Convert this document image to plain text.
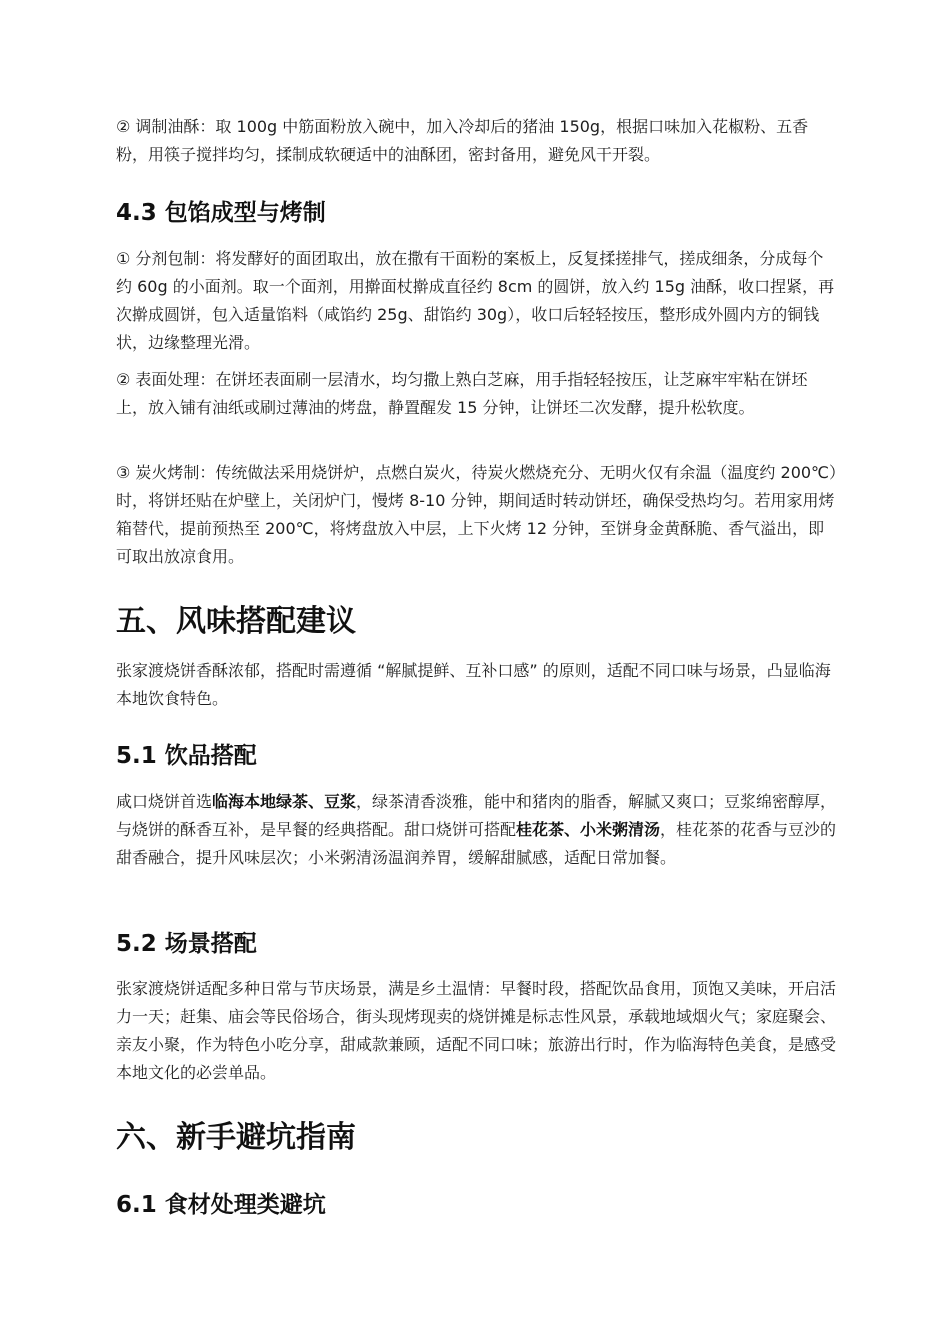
② 调制油酥：取 100g 中筋面粉放入碗中，加入冷却后的猪油 150g，根据口味加入花椒粉、五香粉，用筷子搅拌均匀，揉制成软硬适中的油酥团，密封备用，避免风干开裂。

4.3 包馅成型与烤制

① 分剂包制：将发酵好的面团取出，放在撒有干面粉的案板上，反复揉搓排气，搓成细条，分成每个约 60g 的小面剂。取一个面剂，用擀面杖擀成直径约 8cm 的圆饼，放入约 15g 油酥，收口捏紧，再次擀成圆饼，包入适量馅料（咸馅约 25g、甜馅约 30g），收口后轻轻按压，整形成外圆内方的铜钱状，边缘整理光滑。

② 表面处理：在饼坯表面刷一层清水，均匀撒上熟白芝麻，用手指轻轻按压，让芝麻牢牢粘在饼坯上，放入铺有油纸或刷过薄油的烤盘，静置醒发 15 分钟，让饼坯二次发酵，提升松软度。

③ 炭火烤制：传统做法采用烧饼炉，点燃白炭火，待炭火燃烧充分、无明火仅有余温（温度约 200℃）时，将饼坯贴在炉壁上，关闭炉门，慢烤 8-10 分钟，期间适时转动饼坯，确保受热均匀。若用家用烤箱替代，提前预热至 200℃，将烤盘放入中层，上下火烤 12 分钟，至饼身金黄酥脆、香气溢出，即可取出放凉食用。

五、风味搭配建议

张家渡烧饼香酥浓郁，搭配时需遵循 “解腻提鲜、互补口感” 的原则，适配不同口味与场景，凸显临海本地饮食特色。

5.1 饮品搭配

咸口烧饼首选临海本地绿茶、豆浆，绿茶清香淡雅，能中和猪肉的脂香，解腻又爽口；豆浆绵密醇厚，与烧饼的酥香互补，是早餐的经典搭配。甜口烧饼可搭配桂花茶、小米粥清汤，桂花茶的花香与豆沙的甜香融合，提升风味层次；小米粥清汤温润养胃，缓解甜腻感，适配日常加餐。

5.2 场景搭配

张家渡烧饼适配多种日常与节庆场景，满是乡土温情：早餐时段，搭配饮品食用，顶饱又美味，开启活力一天；赶集、庙会等民俗场合，街头现烤现卖的烧饼摊是标志性风景，承载地域烟火气；家庭聚会、亲友小聚，作为特色小吃分享，甜咸款兼顾，适配不同口味；旅游出行时，作为临海特色美食，是感受本地文化的必尝单品。

六、新手避坑指南
6.1 食材处理类避坑
